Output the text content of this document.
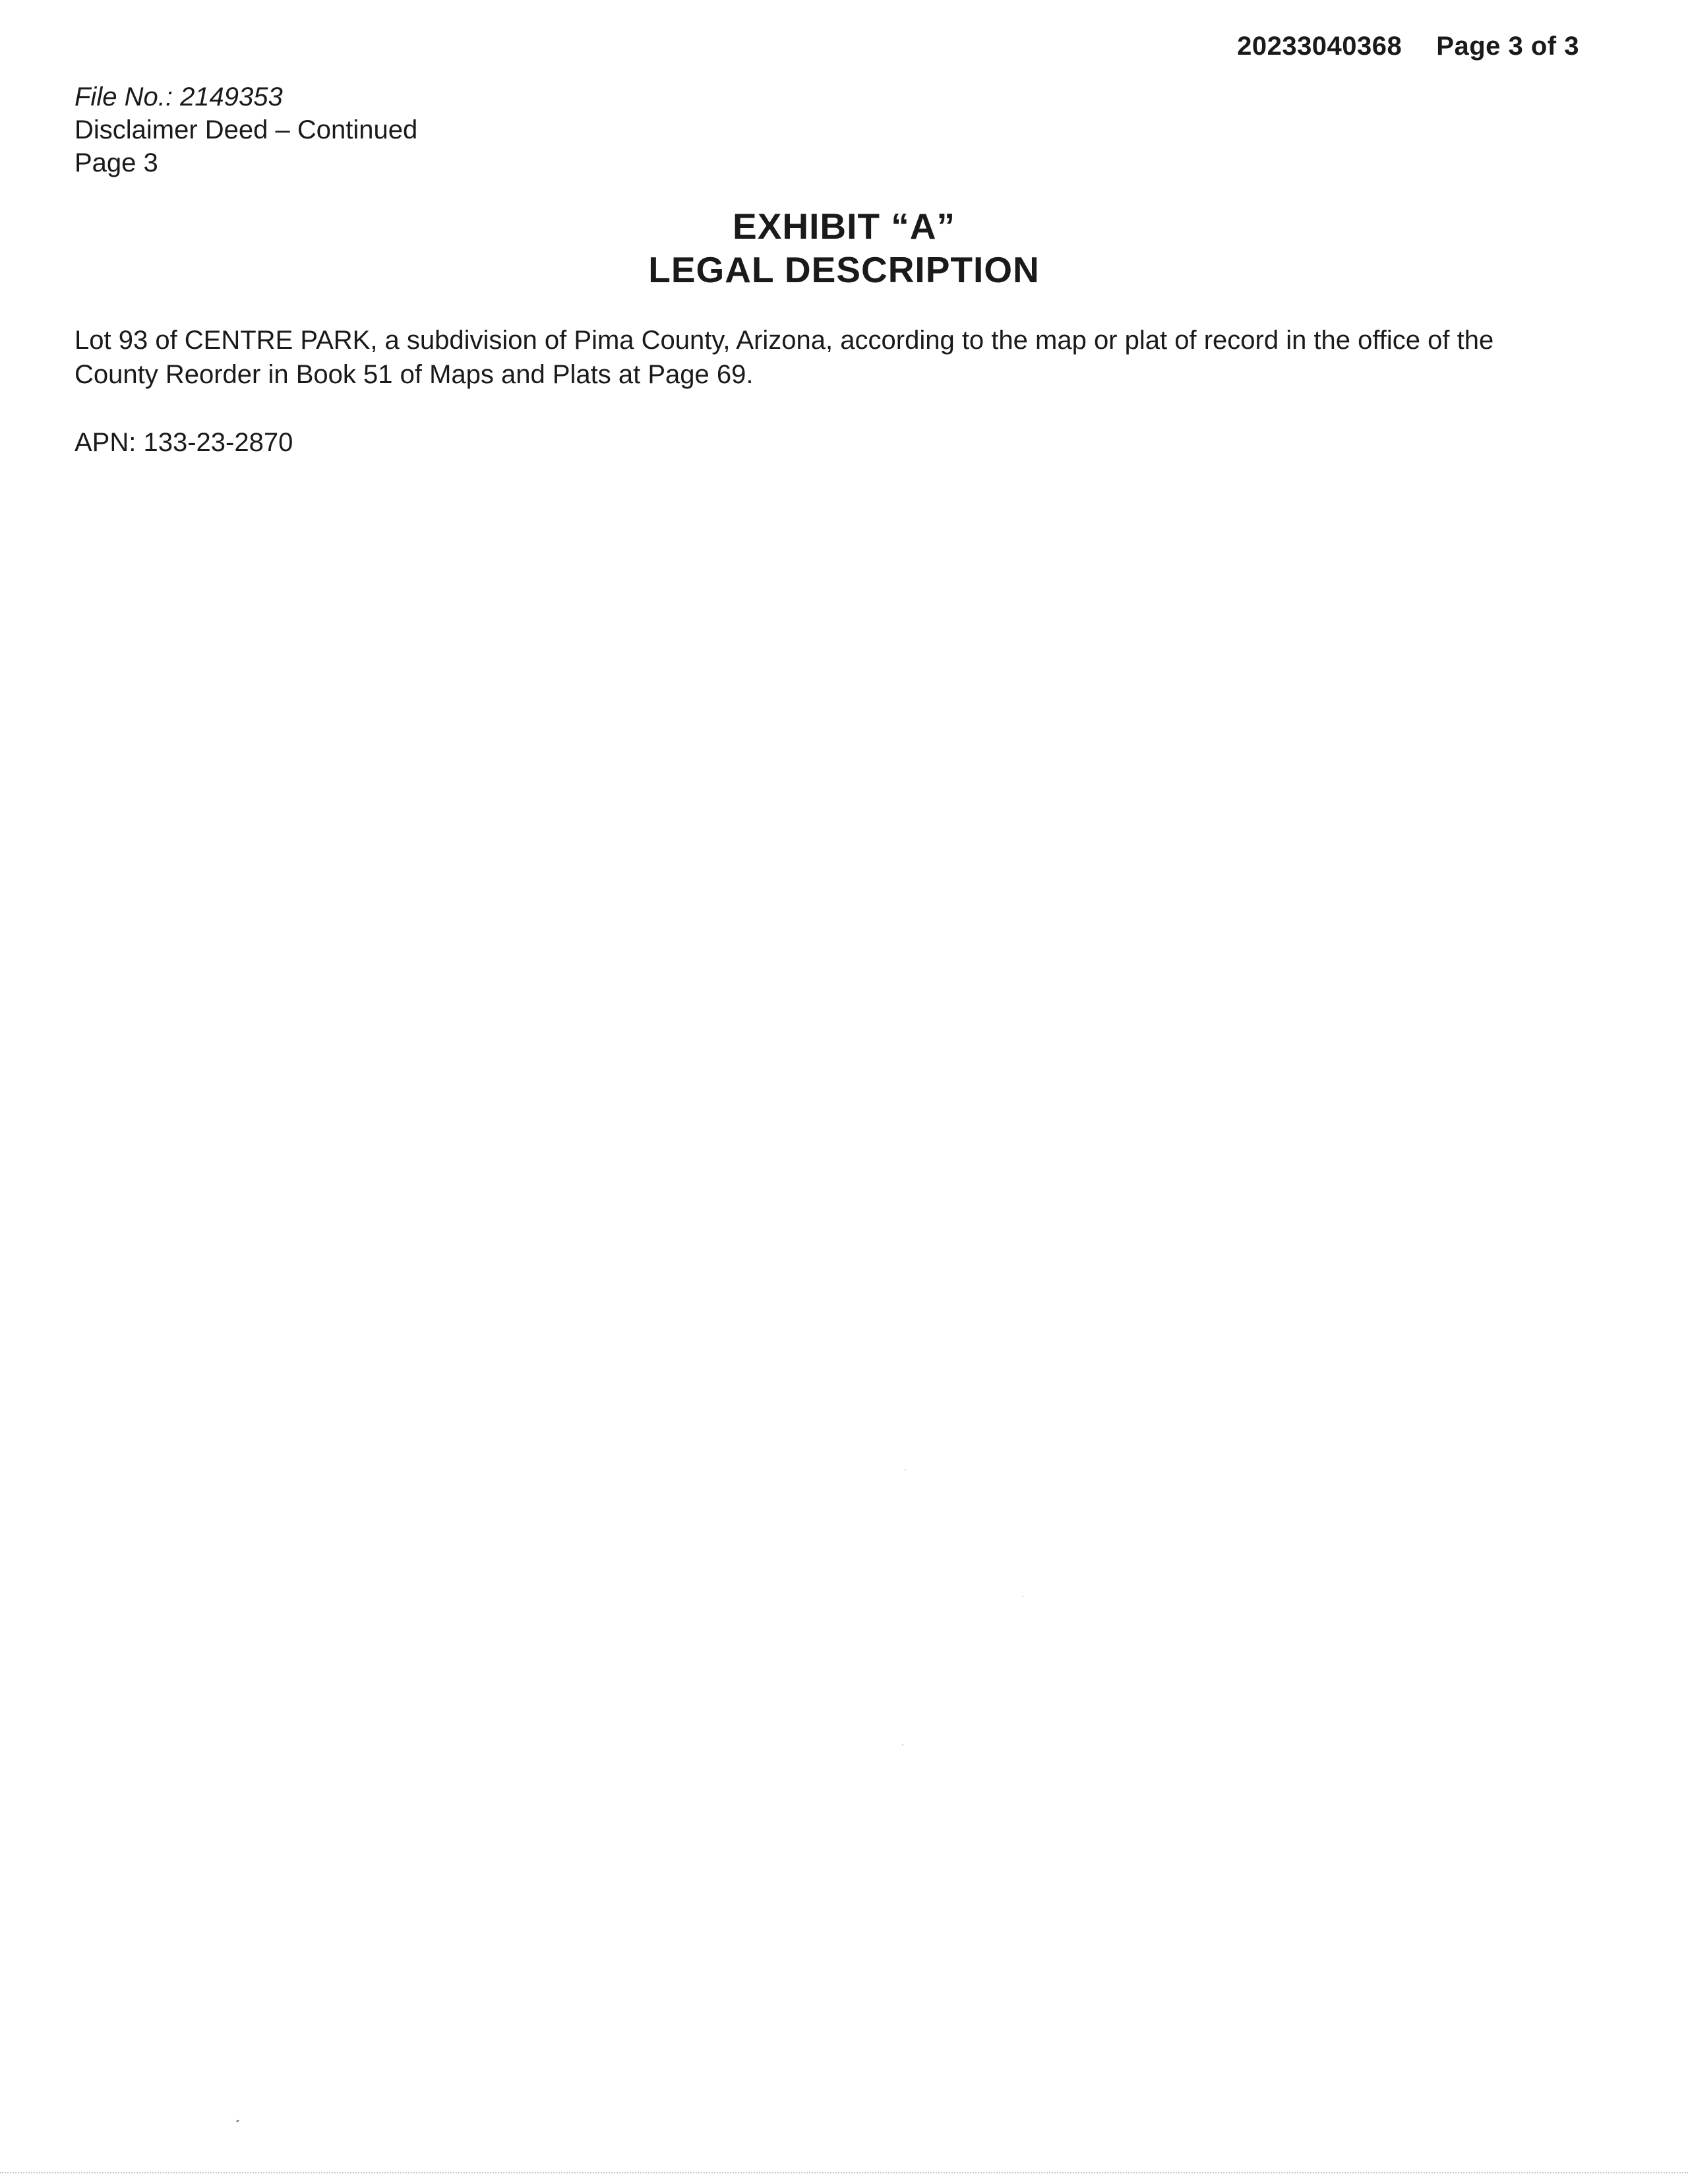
20233040368 Page 3 of 3
File No.: 2149353
Disclaimer Deed – Continued
Page 3
EXHIBIT “A”
LEGAL DESCRIPTION
Lot 93 of CENTRE PARK, a subdivision of Pima County, Arizona, according to the map or plat of record in the office of the County Reorder in Book 51 of Maps and Plats at Page 69.
APN: 133-23-2870
